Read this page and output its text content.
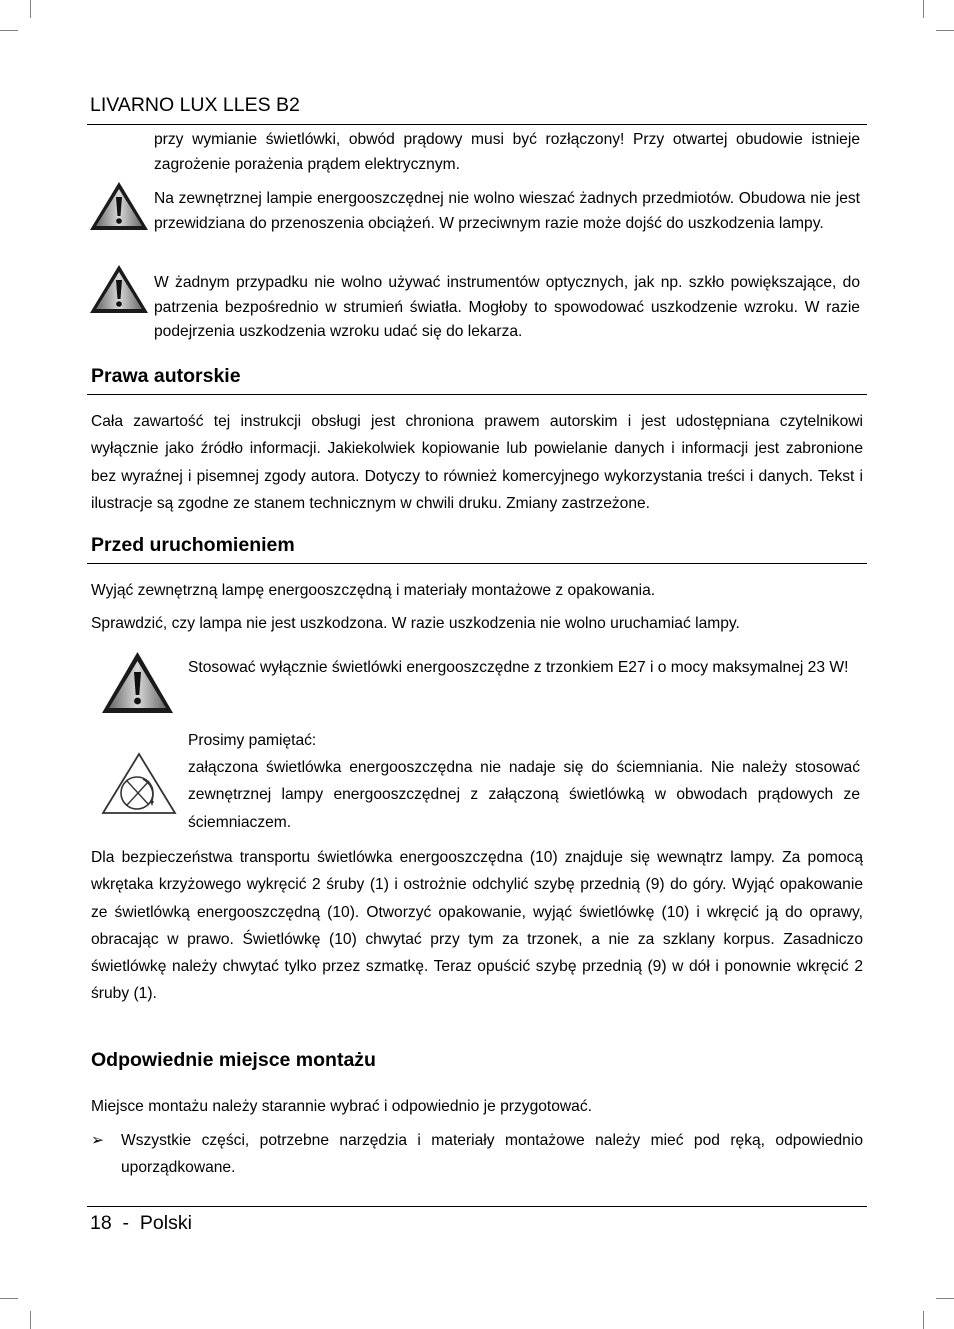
LIVARNO LUX LLES B2
przy wymianie świetlówki, obwód prądowy musi być rozłączony! Przy otwartej obudowie istnieje zagrożenie porażenia prądem elektrycznym.
Na zewnętrznej lampie energooszczędnej nie wolno wieszać żadnych przedmiotów. Obudowa nie jest przewidziana do przenoszenia obciążeń. W przeciwnym razie może dojść do uszkodzenia lampy.
W żadnym przypadku nie wolno używać instrumentów optycznych, jak np. szkło powiększające, do patrzenia bezpośrednio w strumień światła. Mogłoby to spowodować uszkodzenie wzroku. W razie podejrzenia uszkodzenia wzroku udać się do lekarza.
Prawa autorskie
Cała zawartość tej instrukcji obsługi jest chroniona prawem autorskim i jest udostępniana czytelnikowi wyłącznie jako źródło informacji. Jakiekolwiek kopiowanie lub powielanie danych i informacji jest zabronione bez wyraźnej i pisemnej zgody autora. Dotyczy to również komercyjnego wykorzystania treści i danych. Tekst i ilustracje są zgodne ze stanem technicznym w chwili druku. Zmiany zastrzeżone.
Przed uruchomieniem
Wyjąć zewnętrzną lampę energooszczędną i materiały montażowe z opakowania.
Sprawdzić, czy lampa nie jest uszkodzona. W razie uszkodzenia nie wolno uruchamiać lampy.
Stosować wyłącznie świetlówki energooszczędne z trzonkiem E27 i o mocy maksymalnej 23 W!
Prosimy pamiętać:
załączona świetlówka energooszczędna nie nadaje się do ściemniania. Nie należy stosować zewnętrznej lampy energooszczędnej z załączoną świetlówką w obwodach prądowych ze ściemniaczem.
Dla bezpieczeństwa transportu świetlówka energooszczędna (10) znajduje się wewnątrz lampy. Za pomocą wkrętaka krzyżowego wykręcić 2 śruby (1) i ostrożnie odchylić szybę przednią (9) do góry. Wyjąć opakowanie ze świetlówką energooszczędną (10). Otworzyć opakowanie, wyjąć świetlówkę (10) i wkręcić ją do oprawy, obracając w prawo. Świetlówkę (10) chwytać przy tym za trzonek, a nie za szklany korpus. Zasadniczo świetlówkę należy chwytać tylko przez szmatkę. Teraz opuścić szybę przednią (9) w dół i ponownie wkręcić 2 śruby (1).
Odpowiednie miejsce montażu
Miejsce montażu należy starannie wybrać i odpowiednio je przygotować.
➢ Wszystkie części, potrzebne narzędzia i materiały montażowe należy mieć pod ręką, odpowiednio uporządkowane.
18 - Polski
